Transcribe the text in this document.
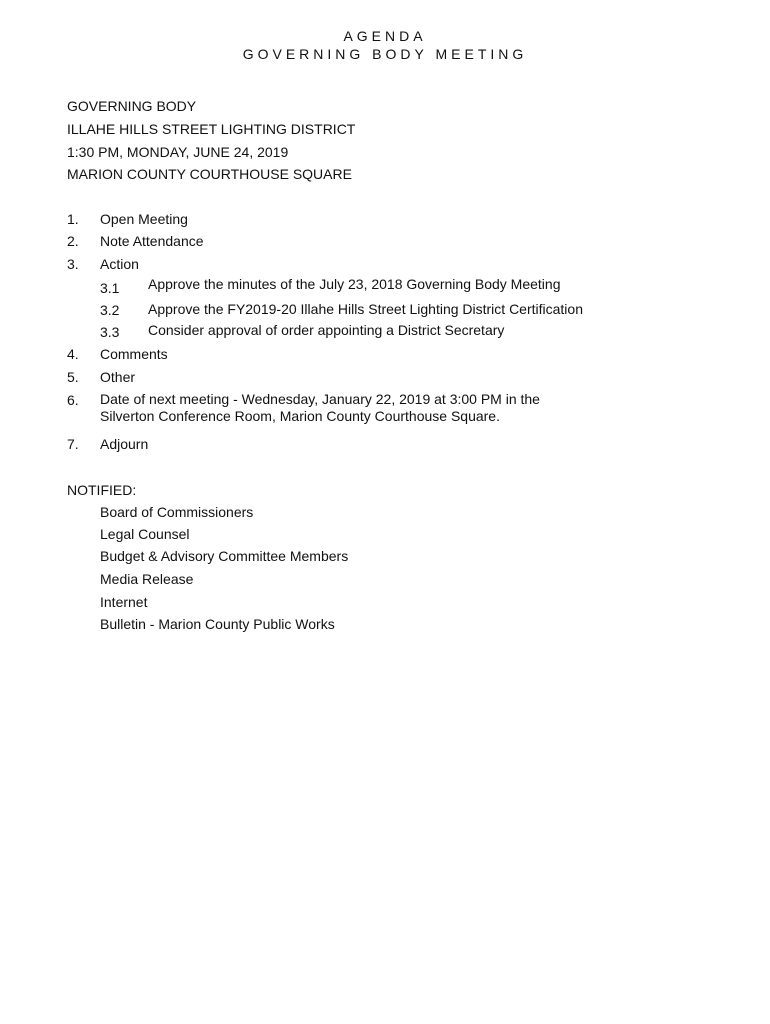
AGENDA
GOVERNING BODY MEETING
GOVERNING BODY
ILLAHE HILLS STREET LIGHTING DISTRICT
1:30 PM, MONDAY, JUNE 24, 2019
MARION COUNTY COURTHOUSE SQUARE
1. Open Meeting
2. Note Attendance
3. Action
3.1 Approve the minutes of the July 23, 2018 Governing Body Meeting
3.2 Approve the FY2019-20 Illahe Hills Street Lighting District Certification
3.3 Consider approval of order appointing a District Secretary
4. Comments
5. Other
6. Date of next meeting - Wednesday, January 22, 2019 at 3:00 PM in the
Silverton Conference Room, Marion County Courthouse Square.
7. Adjourn
NOTIFIED:
Board of Commissioners
Legal Counsel
Budget & Advisory Committee Members
Media Release
Internet
Bulletin - Marion County Public Works
